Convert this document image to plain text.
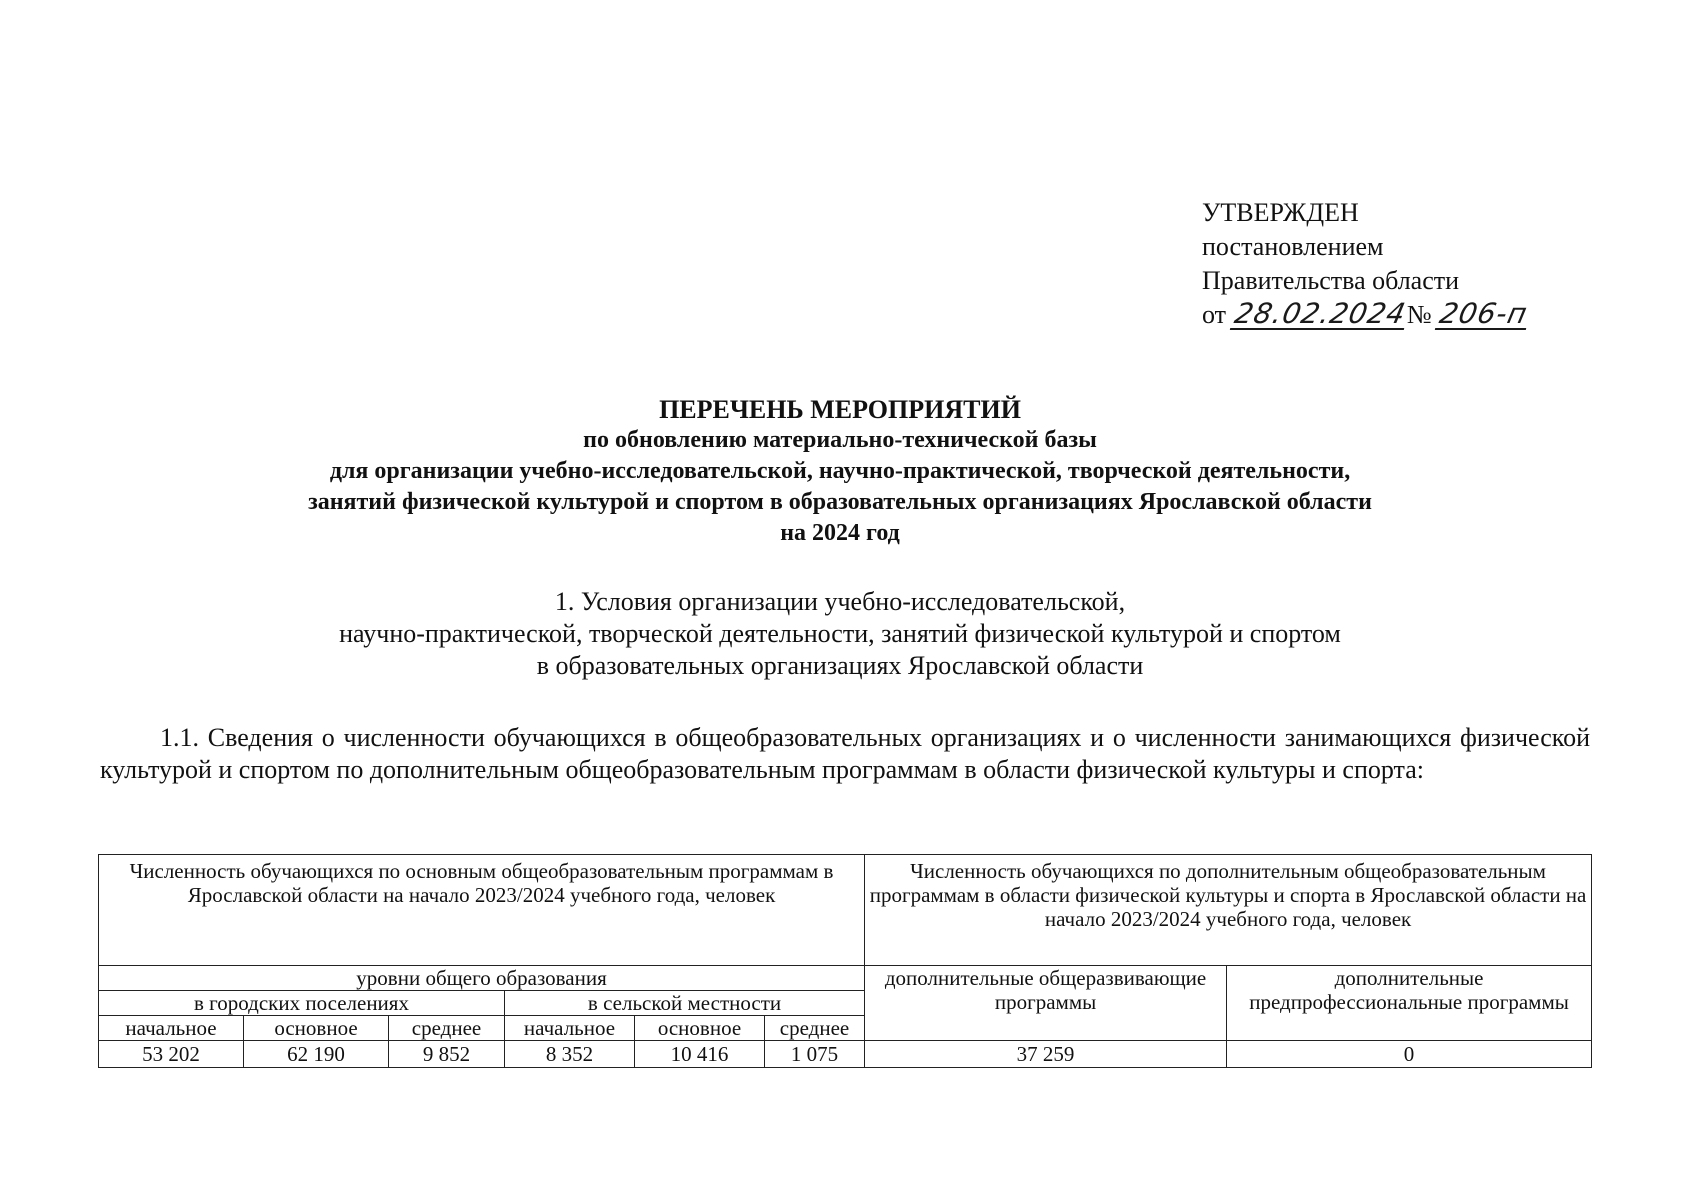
УТВЕРЖДЕН
постановлением
Правительства области
от 28.02.2024№ 206-п
ПЕРЕЧЕНЬ МЕРОПРИЯТИЙ
по обновлению материально-технической базы
для организации учебно-исследовательской, научно-практической, творческой деятельности,
занятий физической культурой и спортом в образовательных организациях Ярославской области
на 2024 год
1. Условия организации учебно-исследовательской,
научно-практической, творческой деятельности, занятий физической культурой и спортом
в образовательных организациях Ярославской области
1.1. Сведения о численности обучающихся в общеобразовательных организациях и о численности занимающихся физической культурой и спортом по дополнительным общеобразовательным программам в области физической культуры и спорта:
Численность обучающихся по основным общеобразовательным программам в Ярославской области на начало 2023/2024 учебного года, человек						Численность обучающихся по дополнительным общеобразовательным программам в области физической культуры и спорта в Ярославской области на начало 2023/2024 учебного года, человек	
уровни общего образования						дополнительные общеразвивающие программы	дополнительные предпрофессиональные программы
в городских поселениях			в сельской местности				
начальное	основное	среднее	начальное	основное	среднее		
53 202	62 190	9 852	8 352	10 416	1 075	37 259	0
